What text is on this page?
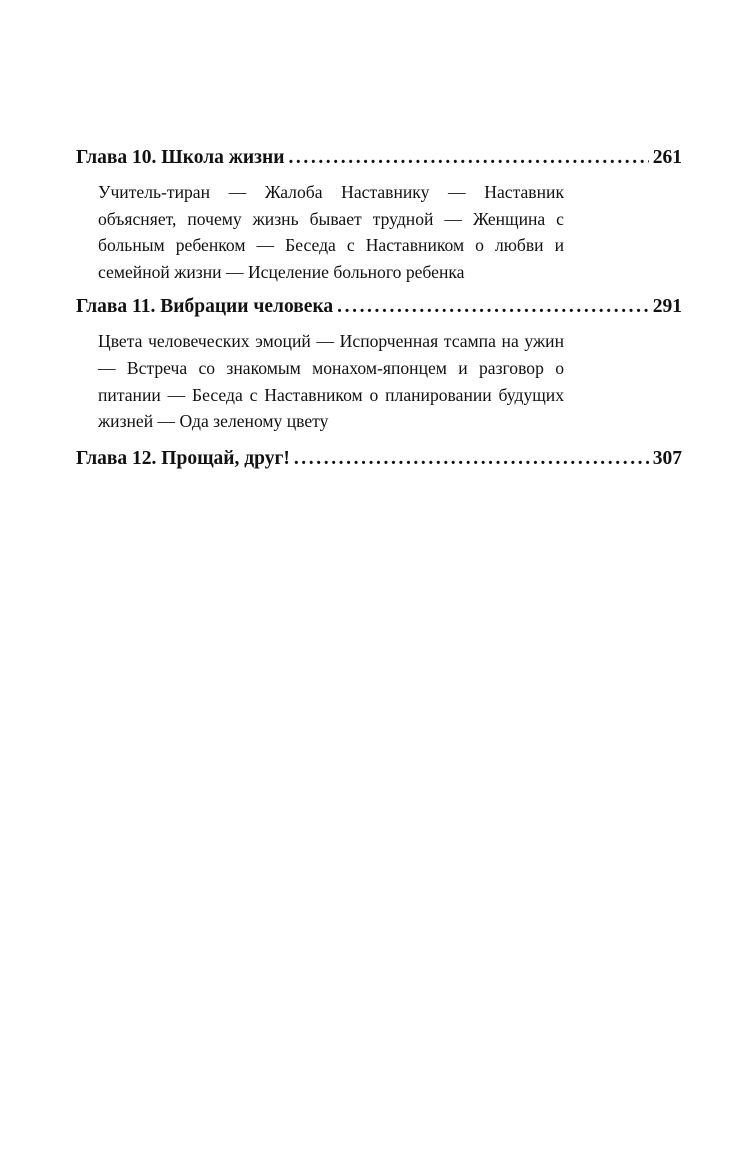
Глава 10. Школа жизни .....	261
Учитель-тиран — Жалоба Наставнику — Наставник объясняет, почему жизнь бывает трудной — Женщина с больным ребенком — Беседа с Наставником о любви и семейной жизни — Исцеление больного ребенка
Глава 11. Вибрации человека .....	291
Цвета человеческих эмоций — Испорченная тсампа на ужин — Встреча со знакомым монахом-японцем и разговор о питании — Беседа с Наставником о планировании будущих жизней — Ода зеленому цвету
Глава 12. Прощай, друг! .....	307
